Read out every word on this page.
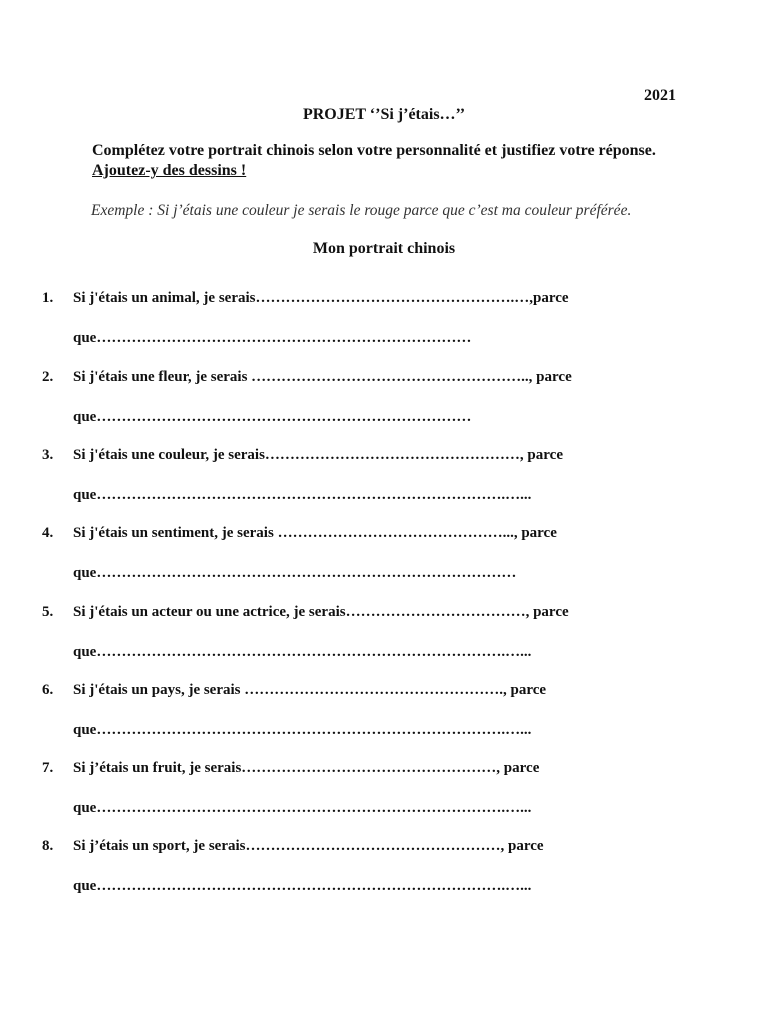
2021
PROJET ‘’Si j’étais…’’
Complétez votre portrait chinois selon votre personnalité et justifiez votre réponse. Ajoutez-y des dessins !
Exemple : Si j’étais une couleur je serais le rouge parce que c’est ma couleur préférée.
Mon portrait chinois
1. Si j'étais un animal, je serais…………………………………………….…,parce
que…………………………………………………………………
2. Si j'étais une fleur, je serais ……………………………………………….., parce
que…………………………………………………………………
3. Si j'étais une couleur, je serais……………………………………………, parce
que……………………………………………………………………….…...
4. Si j'étais un sentiment, je serais ………………………………………..., parce
que…………………………………………………………………………
5. Si j'étais un acteur ou une actrice, je serais………………………………, parce
que……………………………………………………………………….…...
6. Si j'étais un pays, je serais ……………………………………………., parce
que……………………………………………………………………….…...
7. Si j’étais un fruit, je serais……………………………………………, parce
que……………………………………………………………………….…...
8. Si j’étais un sport, je serais……………………………………………, parce
que……………………………………………………………………….…...
